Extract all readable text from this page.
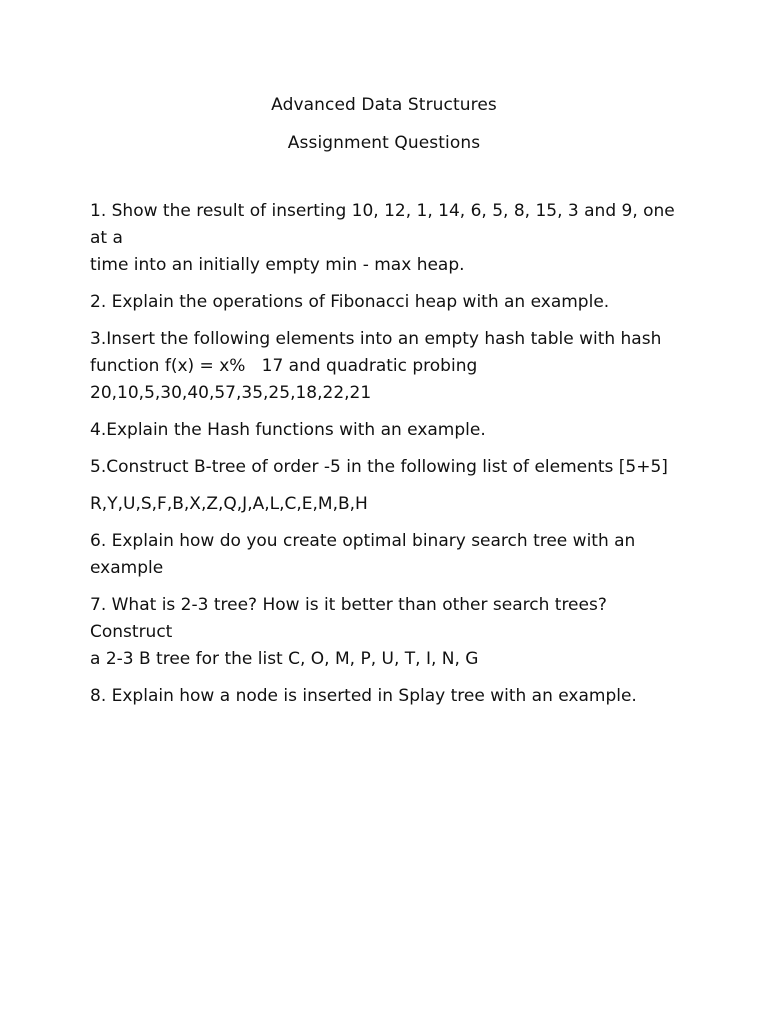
Advanced Data Structures
Assignment Questions
1. Show the result of inserting 10, 12, 1, 14, 6, 5, 8, 15, 3 and 9, one at a
time into an initially empty min - max heap.
2. Explain the operations of Fibonacci heap with an example.
3.Insert the following elements into an empty hash table with hash
function f(x) = x%   17 and quadratic probing
20,10,5,30,40,57,35,25,18,22,21
4.Explain the Hash functions with an example.
5.Construct B-tree of order -5 in the following list of elements [5+5]
R,Y,U,S,F,B,X,Z,Q,J,A,L,C,E,M,B,H
6. Explain how do you create optimal binary search tree with an
example
7. What is 2-3 tree? How is it better than other search trees? Construct
a 2-3 B tree for the list C, O, M, P, U, T, I, N, G
8. Explain how a node is inserted in Splay tree with an example.
